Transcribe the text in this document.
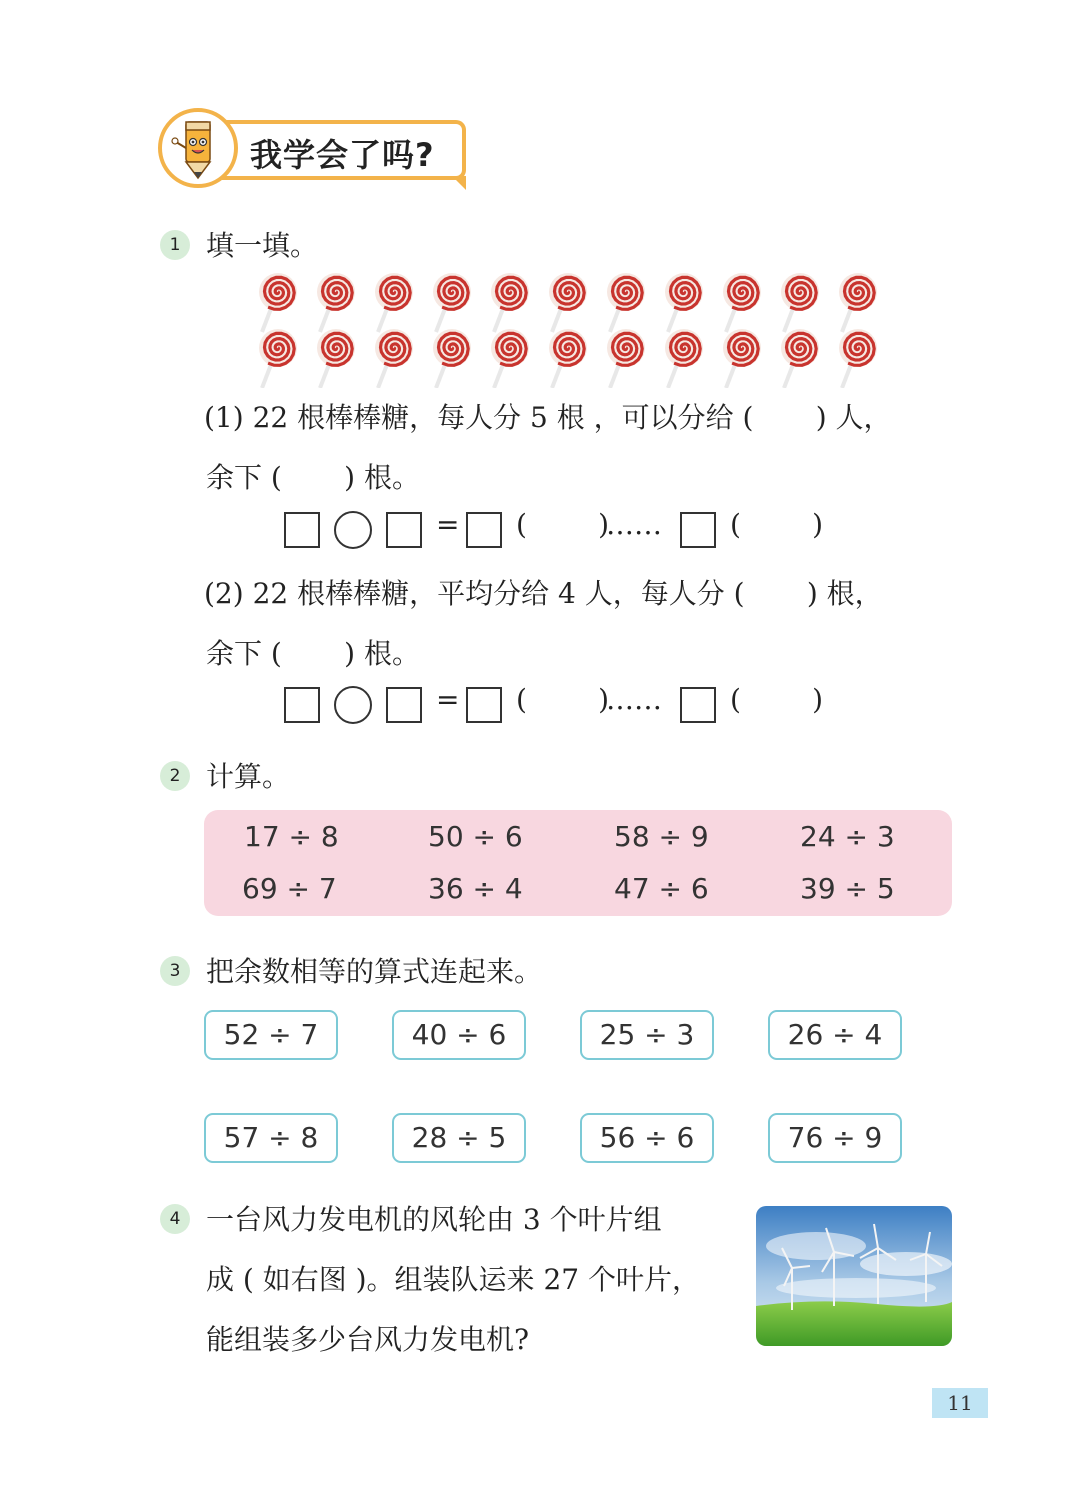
我学会了吗?
1 填一填。
(1) 22 根棒棒糖，每人分 5 根 ，可以分给 (       ) 人，
余下 (       ) 根。
= (        )
…… (        )
(2) 22 根棒棒糖，平均分给 4 人，每人分 (       ) 根，
余下 (       ) 根。
= (        )
…… (        )
2 计算。
17 ÷ 8	50 ÷ 6	58 ÷ 9	24 ÷ 3
69 ÷ 7	36 ÷ 4	47 ÷ 6	39 ÷ 5
3 把余数相等的算式连起来。
52 ÷ 7	40 ÷ 6	25 ÷ 3	26 ÷ 4
57 ÷ 8	28 ÷ 5	56 ÷ 6	76 ÷ 9
4 一台风力发电机的风轮由 3 个叶片组
成 ( 如右图 )。组装队运来 27 个叶片，
能组装多少台风力发电机?
11
